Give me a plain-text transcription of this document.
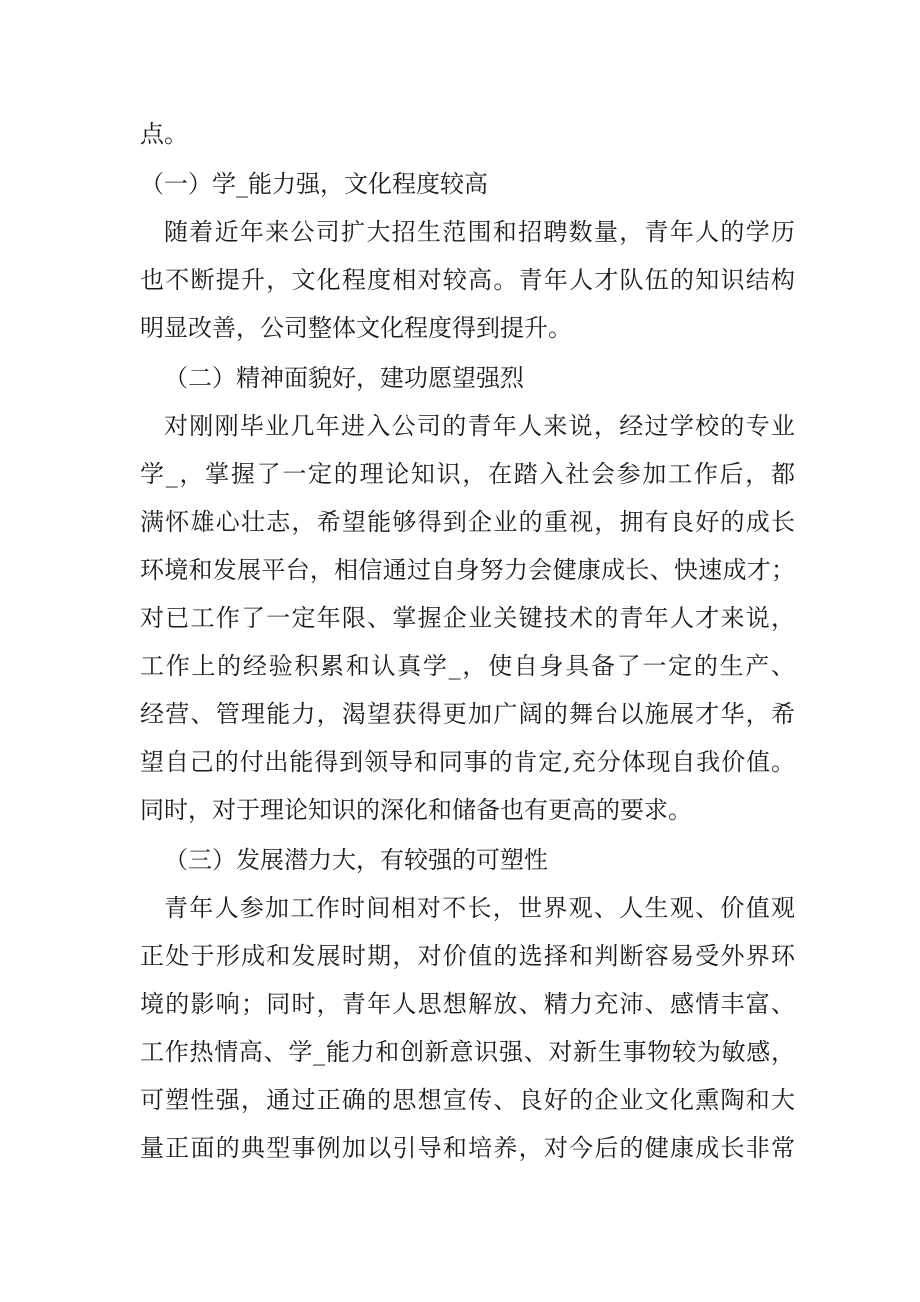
点。
（一）学_能力强，文化程度较高
随着近年来公司扩大招生范围和招聘数量，青年人的学历
也不断提升，文化程度相对较高。青年人才队伍的知识结构
明显改善，公司整体文化程度得到提升。
（二）精神面貌好，建功愿望强烈
对刚刚毕业几年进入公司的青年人来说，经过学校的专业
学_，掌握了一定的理论知识，在踏入社会参加工作后，都
满怀雄心壮志，希望能够得到企业的重视，拥有良好的成长
环境和发展平台，相信通过自身努力会健康成长、快速成才；
对已工作了一定年限、掌握企业关键技术的青年人才来说，
工作上的经验积累和认真学_，使自身具备了一定的生产、
经营、管理能力，渴望获得更加广阔的舞台以施展才华，希
望自己的付出能得到领导和同事的肯定,充分体现自我价值。
同时，对于理论知识的深化和储备也有更高的要求。
（三）发展潜力大，有较强的可塑性
青年人参加工作时间相对不长，世界观、人生观、价值观
正处于形成和发展时期，对价值的选择和判断容易受外界环
境的影响；同时，青年人思想解放、精力充沛、感情丰富、
工作热情高、学_能力和创新意识强、对新生事物较为敏感，
可塑性强，通过正确的思想宣传、良好的企业文化熏陶和大
量正面的典型事例加以引导和培养，对今后的健康成长非常
